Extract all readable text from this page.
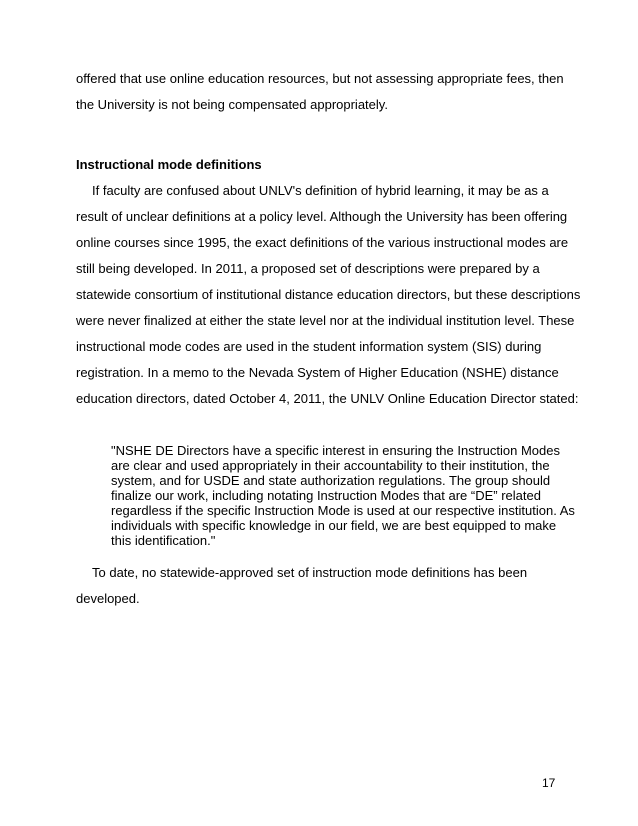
offered that use online education resources, but not assessing appropriate fees, then
the University is not being compensated appropriately.
Instructional mode definitions
If faculty are confused about UNLV's definition of hybrid learning, it may be as a
result of unclear definitions at a policy level. Although the University has been offering
online courses since 1995, the exact definitions of the various instructional modes are
still being developed. In 2011, a proposed set of descriptions were prepared by a
statewide consortium of institutional distance education directors, but these descriptions
were never finalized at either the state level nor at the individual institution level. These
instructional mode codes are used in the student information system (SIS) during
registration. In a memo to the Nevada System of Higher Education (NSHE) distance
education directors, dated October 4, 2011, the UNLV Online Education Director stated:
"NSHE DE Directors have a specific interest in ensuring the Instruction Modes
are clear and used appropriately in their accountability to their institution, the
system, and for USDE and state authorization regulations. The group should
finalize our work, including notating Instruction Modes that are “DE” related
regardless if the specific Instruction Mode is used at our respective institution. As
individuals with specific knowledge in our field, we are best equipped to make
this identification."
To date, no statewide-approved set of instruction mode definitions has been
developed.
17
